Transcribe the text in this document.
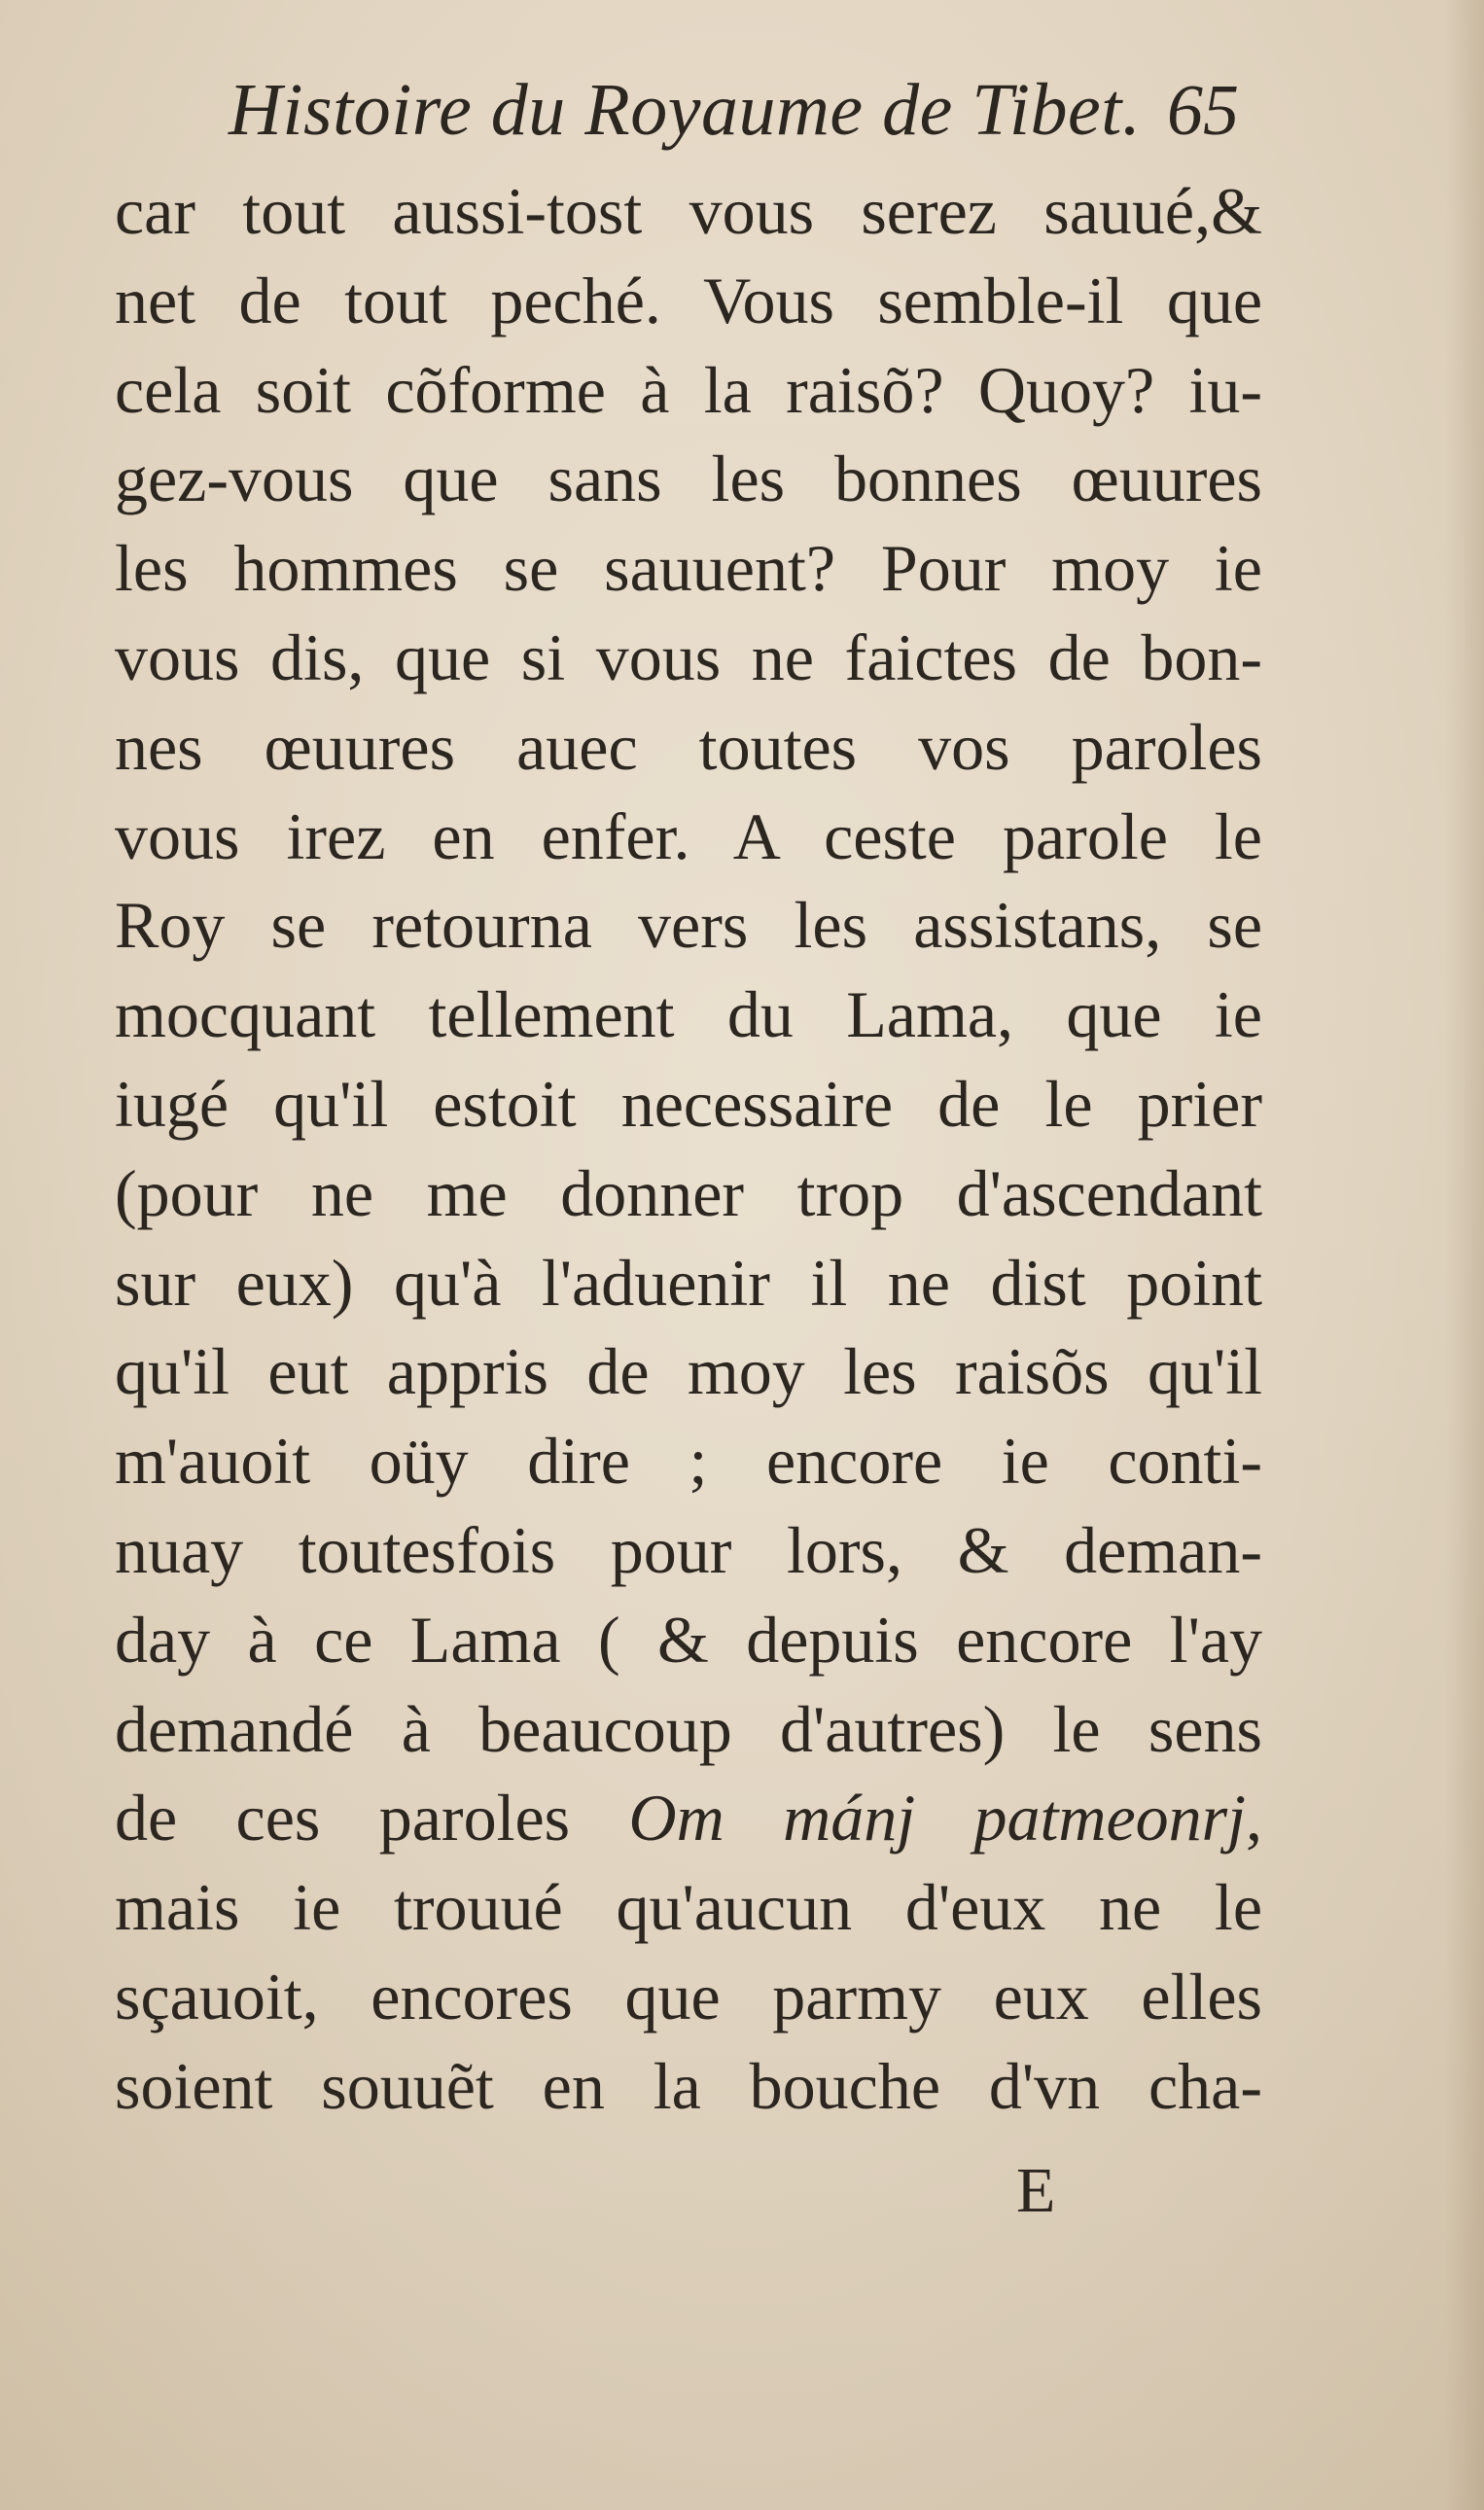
Histoire du Royaume de Tibet. 65
car tout aussi-tost vous serez sauué,&
net de tout peché. Vous semble-il que
cela soit cõforme à la raisõ? Quoy? iu-
gez-vous que sans les bonnes œuures
les hommes se sauuent? Pour moy ie
vous dis, que si vous ne faictes de bon-
nes œuures auec toutes vos paroles
vous irez en enfer. A ceste parole le
Roy se retourna vers les assistans, se
mocquant tellement du Lama, que ie
iugé qu'il estoit necessaire de le prier
(pour ne me donner trop d'ascendant
sur eux) qu'à l'aduenir il ne dist point
qu'il eut appris de moy les raisõs qu'il
m'auoit oüy dire ; encore ie conti-
nuay toutesfois pour lors, & deman-
day à ce Lama ( & depuis encore l'ay
demandé à beaucoup d'autres) le sens
de ces paroles Om mánj patmeonrj,
mais ie trouué qu'aucun d'eux ne le
sçauoit, encores que parmy eux elles
soient souuẽt en la bouche d'vn cha-
E
